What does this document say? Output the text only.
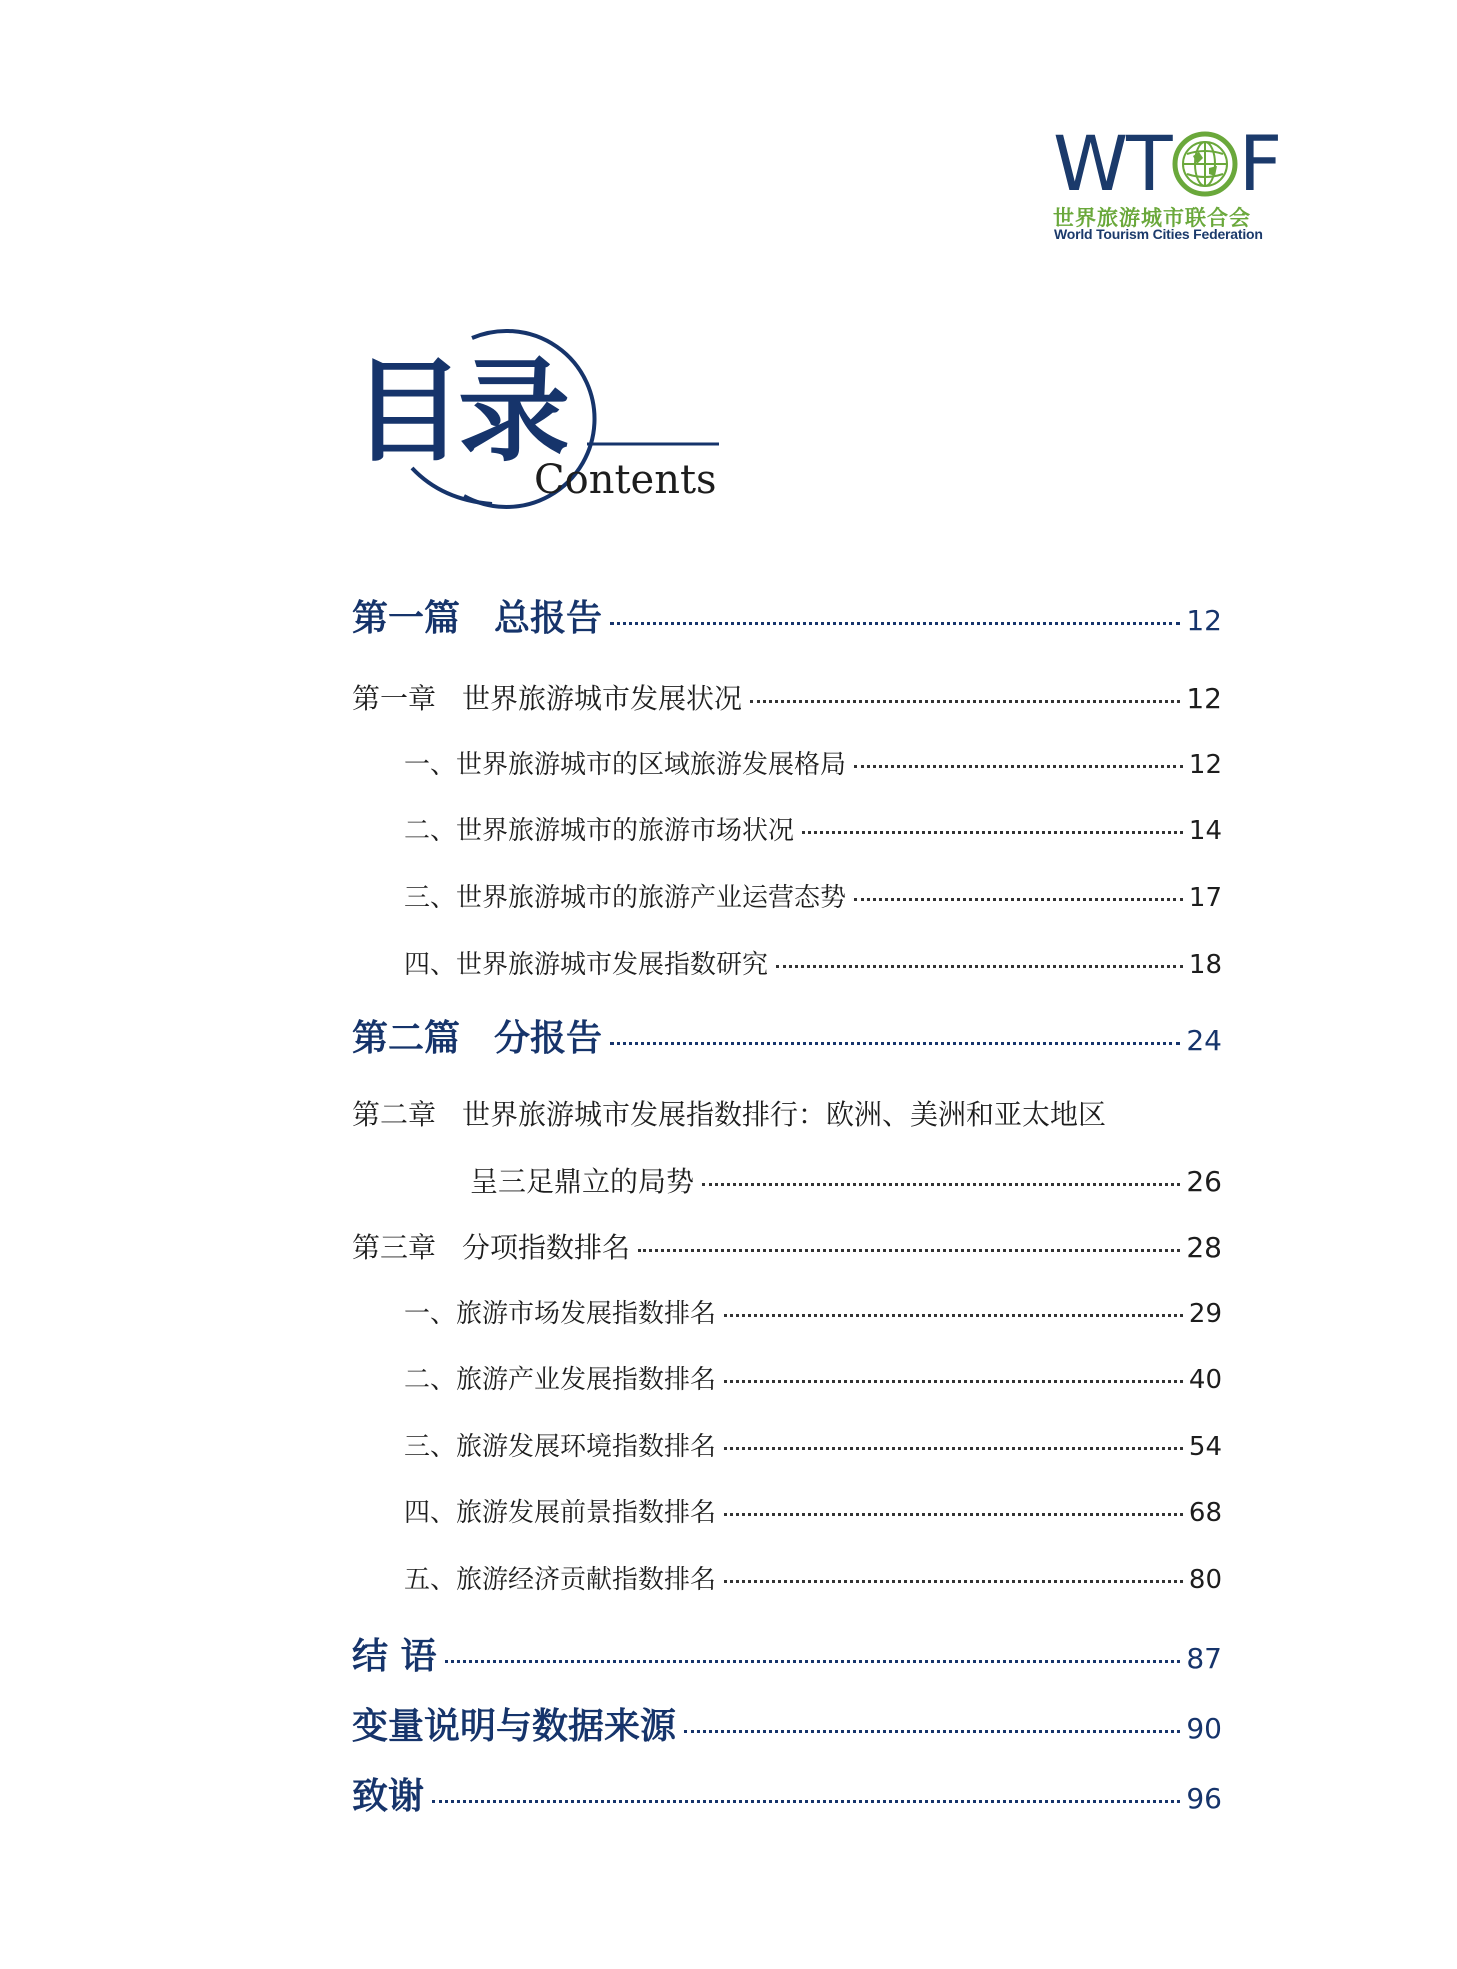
WT F
世界旅游城市联合会
World Tourism Cities Federation
目录
Contents
第一篇 总报告	12
第一章 世界旅游城市发展状况	12
一、世界旅游城市的区域旅游发展格局	12
二、世界旅游城市的旅游市场状况	14
三、世界旅游城市的旅游产业运营态势	17
四、世界旅游城市发展指数研究	18
第二篇 分报告	24
第二章 世界旅游城市发展指数排行：欧洲、美洲和亚太地区
呈三足鼎立的局势	26
第三章 分项指数排名	28
一、旅游市场发展指数排名	29
二、旅游产业发展指数排名	40
三、旅游发展环境指数排名	54
四、旅游发展前景指数排名	68
五、旅游经济贡献指数排名	80
结 语	87
变量说明与数据来源	90
致谢	96
